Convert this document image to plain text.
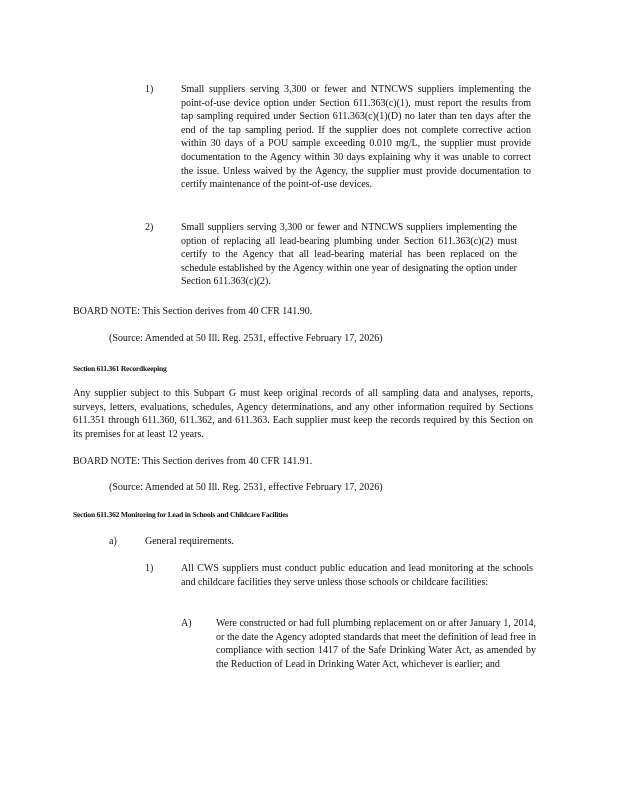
1)	Small suppliers serving 3,300 or fewer and NTNCWS suppliers implementing the point-of-use device option under Section 611.363(c)(1), must report the results from tap sampling required under Section 611.363(c)(1)(D) no later than ten days after the end of the tap sampling period. If the supplier does not complete corrective action within 30 days of a POU sample exceeding 0.010 mg/L, the supplier must provide documentation to the Agency within 30 days explaining why it was unable to correct the issue. Unless waived by the Agency, the supplier must provide documentation to certify maintenance of the point-of-use devices.

2)	Small suppliers serving 3,300 or fewer and NTNCWS suppliers implementing the option of replacing all lead-bearing plumbing under Section 611.363(c)(2) must certify to the Agency that all lead-bearing material has been replaced on the schedule established by the Agency within one year of designating the option under Section 611.363(c)(2).

BOARD NOTE: This Section derives from 40 CFR 141.90.

(Source: Amended at 50 Ill. Reg. 2531, effective February 17, 2026)

Section 611.361 Recordkeeping

Any supplier subject to this Subpart G must keep original records of all sampling data and analyses, reports, surveys, letters, evaluations, schedules, Agency determinations, and any other information required by Sections 611.351 through 611.360, 611.362, and 611.363. Each supplier must keep the records required by this Section on its premises for at least 12 years.

BOARD NOTE: This Section derives from 40 CFR 141.91.

(Source: Amended at 50 Ill. Reg. 2531, effective February 17, 2026)

Section 611.362 Monitoring for Lead in Schools and Childcare Facilities

a)	General requirements.

1)	All CWS suppliers must conduct public education and lead monitoring at the schools and childcare facilities they serve unless those schools or childcare facilities:

A) Were constructed or had full plumbing replacement on or after January 1, 2014, or the date the Agency adopted standards that meet the definition of lead free in compliance with section 1417 of the Safe Drinking Water Act, as amended by the Reduction of Lead in Drinking Water Act, whichever is earlier; and
